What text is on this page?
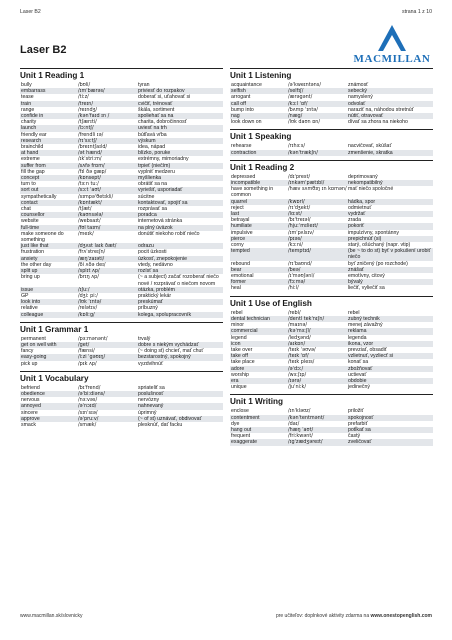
Laser B2	strana 1 z 10
Laser B2
MACMILLAN
Unit 1 Reading 1
bully	/bʊli/	tyran
embarrass	/ɪmˈbærəs/	priviesť do rozpakov
tease	/tiːz/	doberať si, uťahovať si
train	/treɪn/	cvičiť, trénovať
range	/reɪndʒ/	škála, sortiment
confide in	/kənˈfaɪd ɪn /	spoliehať sa na
charity	/tʃærɪti/	charita, dobročinnosť
launch	/lɔːntʃ/	uviesť na trh
friendly ear	/frendli ɪə/	bútľavá vŕba
research	/rɪˈsɜːtʃ/	výskum
brainchild	/breɪntʃaɪld/	idea, nápad
at hand	/ət hænd/	blízko, poruke
extreme	/ɪkˈstriːm/	extrémny, mimoriadny
suffer from	/sʌfə frɒm/	trpieť (niečím)
fill the gap	/fɪl ðə gæp/	vyplniť medzeru
concept	/kɒnsept/	myšlienka
turn to	/tɜːn tuː/	obrátiť sa na
sort out	/sɔːt ˈaʊt/	vyriešiť, usporiadať
sympathetically	/sɪmpəˈθetɪkli/	súcitne
contact	/kɒntækt/	kontaktovať, spojiť sa
chat	/tʃæt/	rozprávať sa
counsellor	/kaʊnsələ/	poradca
website	/websaɪt/	internetová stránka
full-time	/fʊl taɪm/	na plný úväzok
make someone do something
/meɪk/	donútiť niekoho robiť niečo
just like that	/dʒʌst laɪk ðæt/	odrazu
frustration	/frʌˈstreɪʃn/	pocit úzkosti
anxiety	/æŋˈzaɪəti/	úzkosť, znepokojenie
the other day	/ði ʌðə deɪ/	vtedy, nedávno
split up	/splɪt ʌp/	rozísť sa
bring up	/brɪŋ ʌp/	(~ a subject) začať rozoberať niečo nové / rozprávať o niečom novom
issue	/ɪʃuː/	otázka, problém
GP	/dʒiː piː/	praktický lekár
look into	/lʊk ˈɪntə/	preskúmať
relative	/relətɪv/	príbuzný
colleague	/kɒliːg/	kolega, spolupracovník
Unit 1 Grammar 1
permanent	/pɜːmənənt/	trvalý
get on well with	/get/	dobre s niekým vychádzať
fancy	/fænsi/	(~ doing st) chcieť, mať chuť
easy-going	/iːzi ˈgəʊɪŋ/	bezstarostný, spokojný
pick up	/pɪk ʌp/	vyzdvihnúť
Unit 1 Vocabulary
befriend	/bɪˈfrend/	spriateliť sa
obedience	/əˈbiːdiəns/	poslušnosť
nervous	/nɜːvəs/	nervózny
annoyed	/əˈnɔɪd/	nahnevaný
sincere	/sɪnˈsɪə/	úprimný
approve	/əˈpruːv/	(~ of st) uznávať, obdivovať
smack	/smæk/	plesknúť, dať facku
Unit 1 Listening
acquaintance	/əˈkweɪntəns/	známosť
selfish	/selfɪʃ/	sebecký
arrogant	/ærəgənt/	namyslený
call off	/kɔːl ˈɒf/	odvolať
bump into	/bʌmp ˈɪntə/	naraziť na, náhodou stretnúť
nag	/næg/	nútiť, otravovať
look down on	/lʊk daʊn ɒn/	dívať sa zhora na niekoho
Unit 1 Speaking
rehearse	/rɪhɜːs/	nacvičovať, skúšať
contraction	/kənˈtrækʃn/	zmenšenie, skratka
Unit 1 Reading 2
depressed	/dɪˈprest/	deprimovaný
incompatible	/ɪnkəmˈpætɪbl/	nekompatibilný
have something in common
/hæv sʌmθɪŋ ɪn kɒmən/ mať niečo spoločné
quarrel	/kwɒrl/	hádka, spor
reject	/rɪˈdʒekt/	odmietnuť
last	/lɑːst/	vydržať
betrayal	/bɪˈtreɪəl/	zrada
humiliate	/hjuːˈmɪlieɪt/	pokoriť
impulsive	/ɪmˈpʌlsɪv/	impulzívny, spontánny
pierce	/pɪəs/	prepichnúť (si)
corny	/kɔːni/	starý, ošúchaný (napr. vtip)
tempted	/temptɪd/	(be ~ to do st) byť v pokušení urobiť niečo
rebound	/rɪˈbaʊnd/	byť zničený (po rozchode)
bear	/beə/	znášať
emotional	/ɪˈməʊʃənl/	emotívny, citový
former	/fɔːmə/	bývalý
heal	/hiːl/	liečiť, vyliečiť sa
Unit 1 Use of English
rebel	/rebl/	rebel
dental technician	/dentl tekˈnɪʃn/	zubný technik
minor	/maɪnə/	menej závažný
commercial	/kəˈmɜːʃl/	reklama
legend	/ledʒənd/	legenda
icon	/aɪkɒn/	ikona, vzor
take over	/teɪk ˈəʊvə/	prevziať, obsadiť
take off	/teɪk ˈɒf/	vzlietnuť, vyzliecť si
take place	/teɪk pleɪs/	konať sa
adore	/əˈdɔː/	zbožňovať
worship	/wɜːʃɪp/	uctievať
era	/ɪərə/	obdobie
unique	/juˈniːk/	jedinečný
Unit 1 Writing
enclose	/ɪnˈkləʊz/	priložiť
contentment	/kənˈtentmənt/	spokojnosť
dye	/daɪ/	prefarbiť
hang out	/hæŋ ˈaʊt/	potĺkať sa
frequent	/friːkwənt/	častý
exaggerate	/ɪgˈzædʒəreɪt/	zveličovať
www.macmillan.sk/slovnicky	pre učiteľov: doplnkové aktivity zdarma na www.onestopenglish.com
